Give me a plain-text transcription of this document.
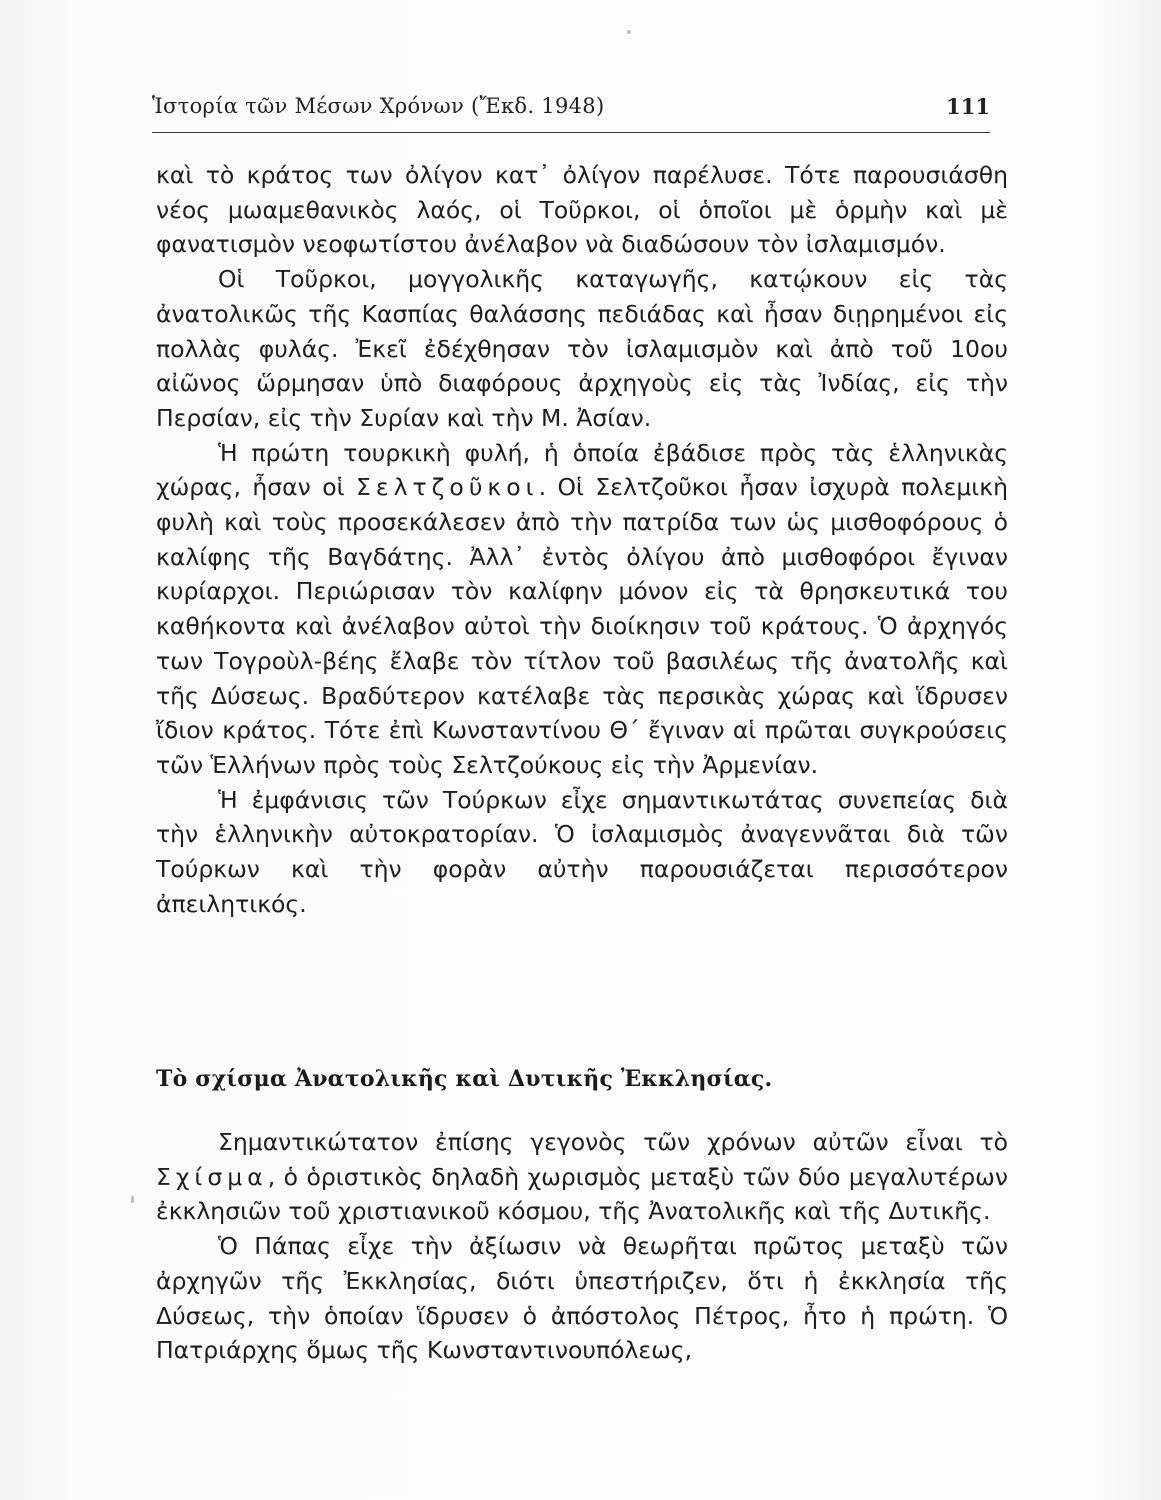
Ἱστορία τῶν Μέσων Χρόνων (Ἔκδ. 1948)	111

καὶ τὸ κράτος των ὀλίγον κατ᾽ ὀλίγον παρέλυσε. Τότε παρουσιάσθη νέος μωαμεθανικὸς λαός, οἱ Τοῦρκοι, οἱ ὁποῖοι μὲ ὁρμὴν καὶ μὲ φανατισμὸν νεοφωτίστου ἀνέλαβον νὰ διαδώσουν τὸν ἰσλαμισμόν.

Οἱ Τοῦρκοι, μογγολικῆς καταγωγῆς, κατῴκουν εἰς τὰς ἀνατολικῶς τῆς Κασπίας θαλάσσης πεδιάδας καὶ ἦσαν διῃρημένοι εἰς πολλὰς φυλάς. Ἐκεῖ ἐδέχθησαν τὸν ἰσλαμισμὸν καὶ ἀπὸ τοῦ 10ου αἰῶνος ὥρμησαν ὑπὸ διαφόρους ἀρχηγοὺς εἰς τὰς Ἰνδίας, εἰς τὴν Περσίαν, εἰς τὴν Συρίαν καὶ τὴν Μ. Ἀσίαν.

Ἡ πρώτη τουρκικὴ φυλή, ἡ ὁποία ἐβάδισε πρὸς τὰς ἑλληνικὰς χώρας, ἦσαν οἱ Σελτζοῦκοι. Οἱ Σελτζοῦκοι ἦσαν ἰσχυρὰ πολεμικὴ φυλὴ καὶ τοὺς προσεκάλεσεν ἀπὸ τὴν πατρίδα των ὡς μισθοφόρους ὁ καλίφης τῆς Βαγδάτης. Ἀλλ᾽ ἐντὸς ὀλίγου ἀπὸ μισθοφόροι ἔγιναν κυρίαρχοι. Περιώρισαν τὸν καλίφην μόνον εἰς τὰ θρησκευτικά του καθήκοντα καὶ ἀνέλαβον αὐτοὶ τὴν διοίκησιν τοῦ κράτους. Ὁ ἀρχηγός των Τογροὺλ-βέης ἔλαβε τὸν τίτλον τοῦ βασιλέως τῆς ἀνατολῆς καὶ τῆς Δύσεως. Βραδύτερον κατέλαβε τὰς περσικὰς χώρας καὶ ἵδρυσεν ἴδιον κράτος. Τότε ἐπὶ Κωνσταντίνου Θ΄ ἔγιναν αἱ πρῶται συγκρούσεις τῶν Ἑλλήνων πρὸς τοὺς Σελτζούκους εἰς τὴν Ἀρμενίαν.

Ἡ ἐμφάνισις τῶν Τούρκων εἶχε σημαντικωτάτας συνεπείας διὰ τὴν ἑλληνικὴν αὐτοκρατορίαν. Ὁ ἰσλαμισμὸς ἀναγεννᾶται διὰ τῶν Τούρκων καὶ τὴν φορὰν αὐτὴν παρουσιάζεται περισσότερον ἀπειλητικός.

Τὸ σχίσμα Ἀνατολικῆς καὶ Δυτικῆς Ἐκκλησίας.

Σημαντικώτατον ἐπίσης γεγονὸς τῶν χρόνων αὐτῶν εἶναι τὸ Σχίσμα, ὁ ὁριστικὸς δηλαδὴ χωρισμὸς μεταξὺ τῶν δύο μεγαλυτέρων ἐκκλησιῶν τοῦ χριστιανικοῦ κόσμου, τῆς Ἀνατολικῆς καὶ τῆς Δυτικῆς.

Ὁ Πάπας εἶχε τὴν ἀξίωσιν νὰ θεωρῆται πρῶτος μεταξὺ τῶν ἀρχηγῶν τῆς Ἐκκλησίας, διότι ὑπεστήριζεν, ὅτι ἡ ἐκκλησία τῆς Δύσεως, τὴν ὁποίαν ἵδρυσεν ὁ ἀπόστολος Πέτρος, ἦτο ἡ πρώτη. Ὁ Πατριάρχης ὅμως τῆς Κωνσταντινουπόλεως,
